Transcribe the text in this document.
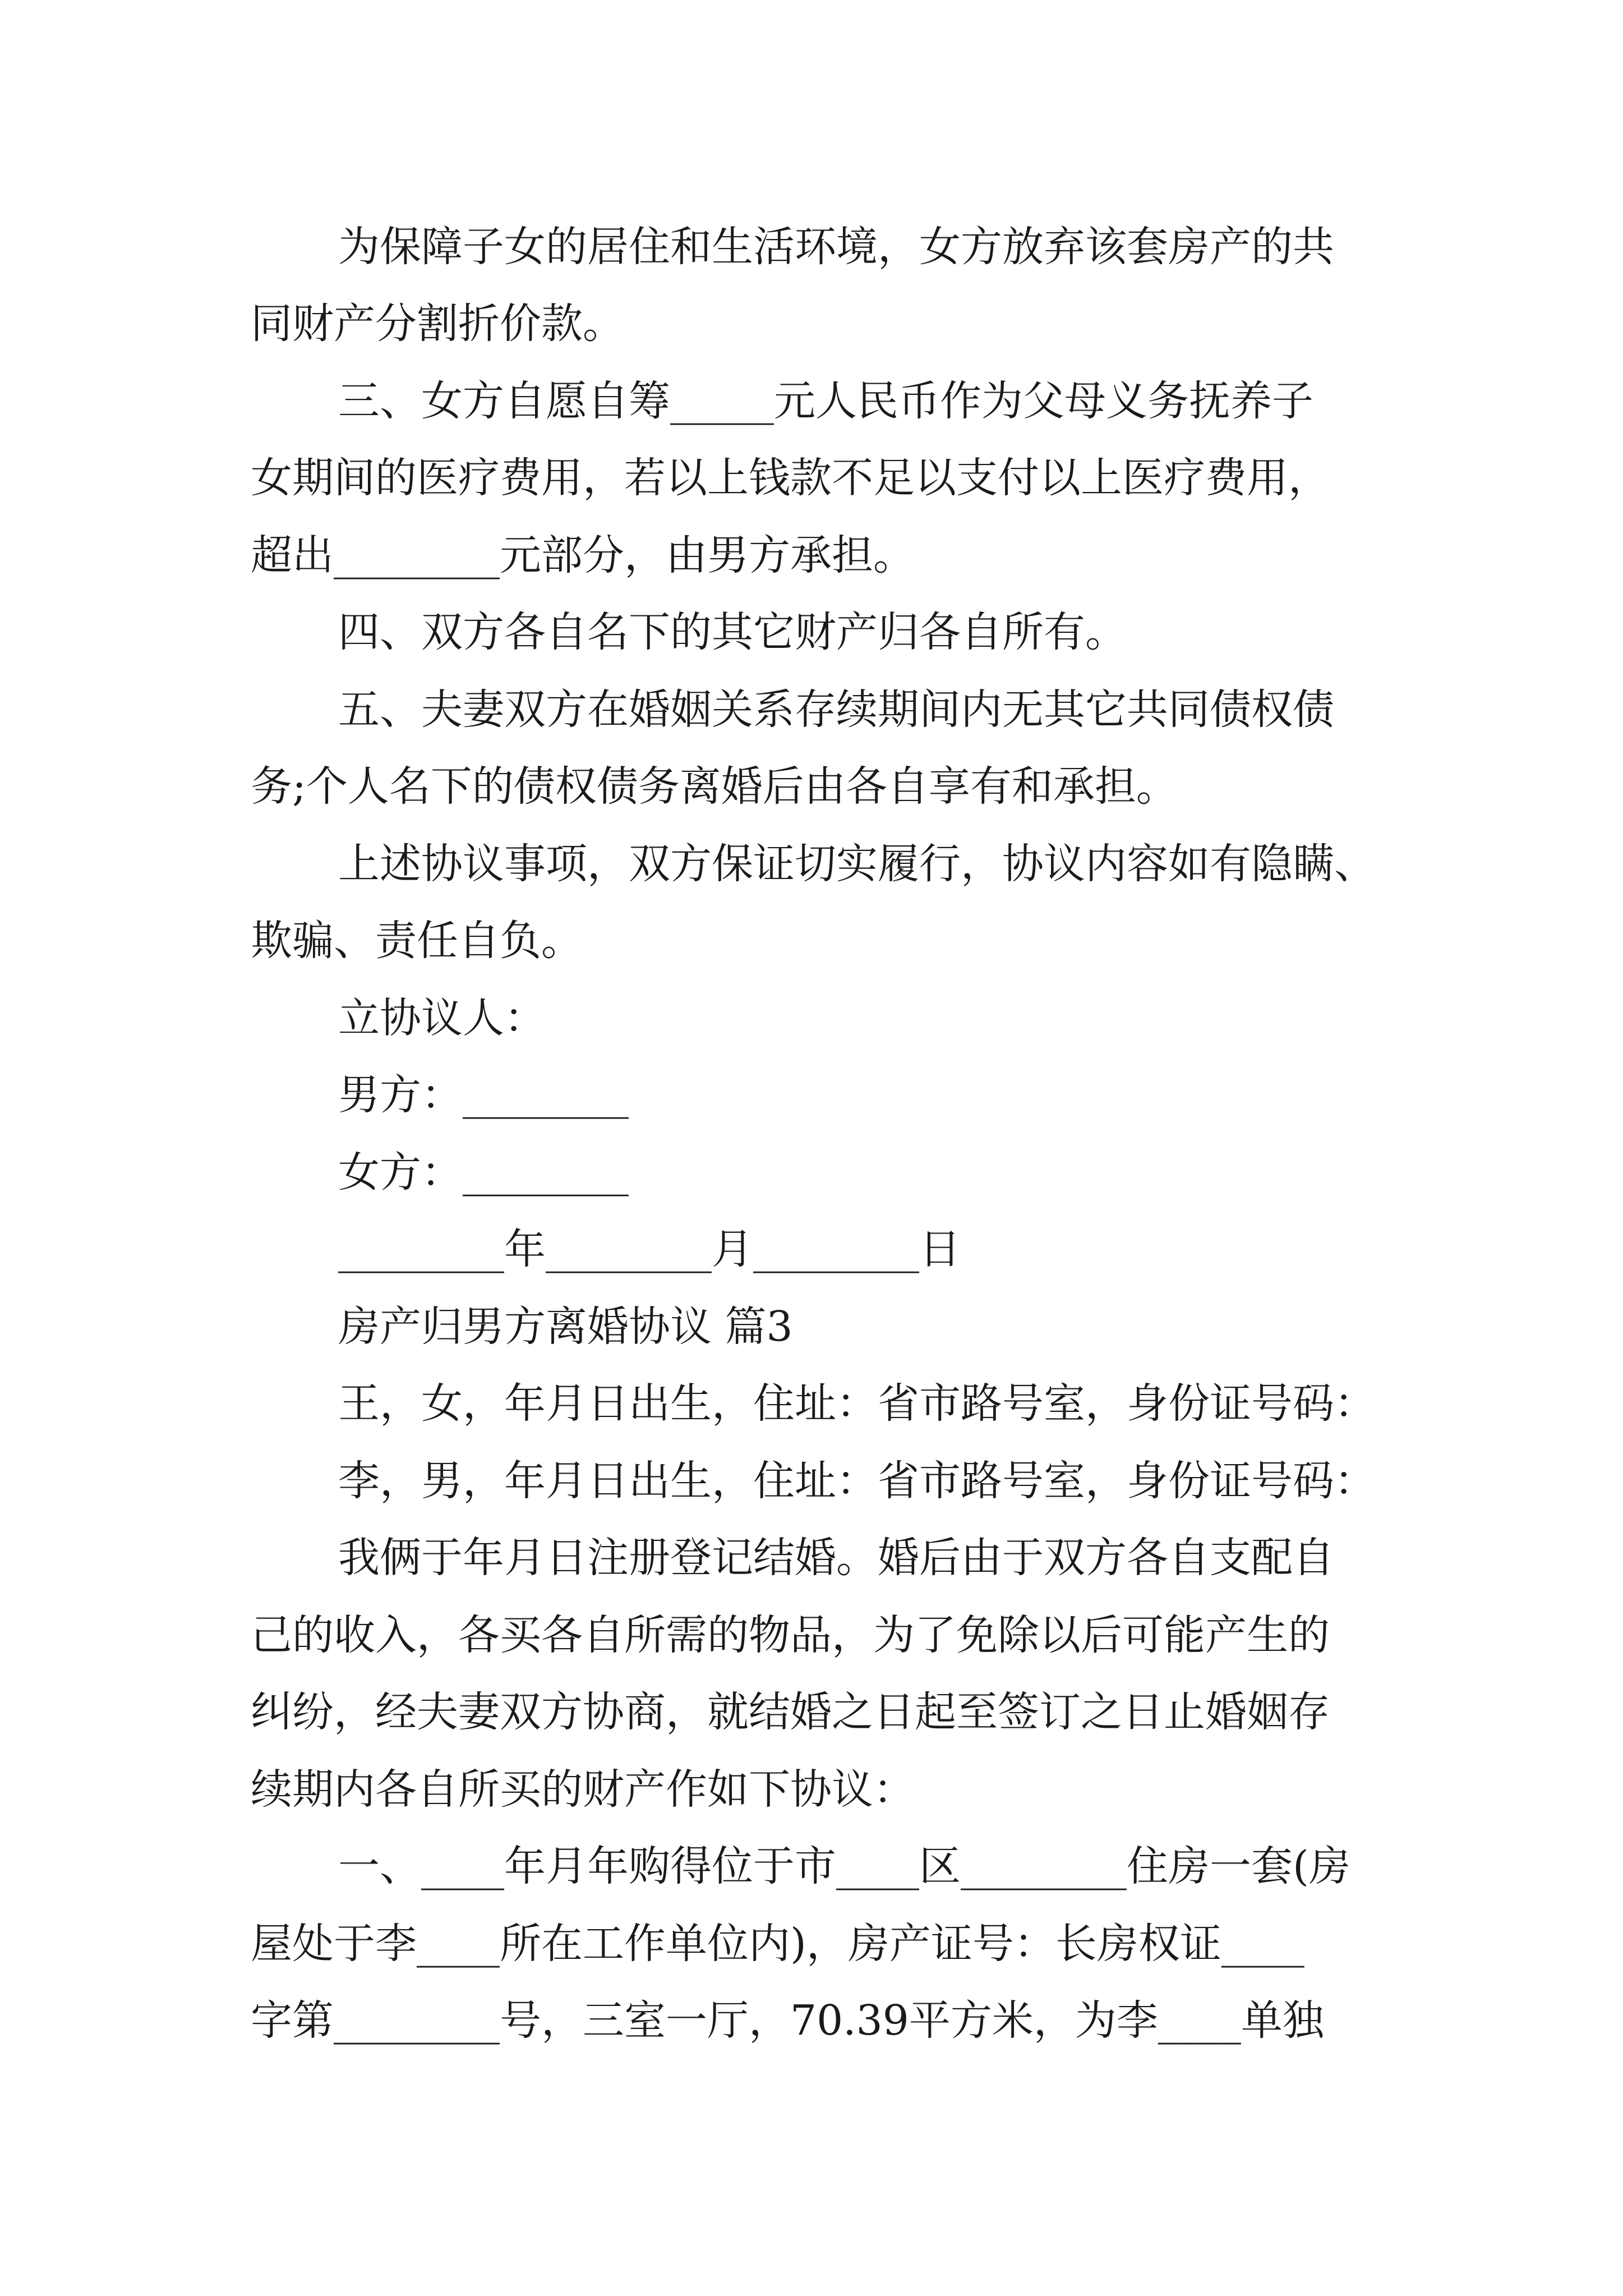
为保障子女的居住和生活环境，女方放弃该套房产的共
同财产分割折价款。
三、女方自愿自筹_____元人民币作为父母义务抚养子
女期间的医疗费用，若以上钱款不足以支付以上医疗费用，
超出________元部分，由男方承担。
四、双方各自名下的其它财产归各自所有。
五、夫妻双方在婚姻关系存续期间内无其它共同债权债
务;个人名下的债权债务离婚后由各自享有和承担。
上述协议事项，双方保证切实履行，协议内容如有隐瞒、
欺骗、责任自负。
立协议人：
男方：________
女方：________
________年________月________日
房产归男方离婚协议 篇3
王，女，年月日出生，住址：省市路号室，身份证号码：
李，男，年月日出生，住址：省市路号室，身份证号码：
我俩于年月日注册登记结婚。婚后由于双方各自支配自
己的收入，各买各自所需的物品，为了免除以后可能产生的
纠纷，经夫妻双方协商，就结婚之日起至签订之日止婚姻存
续期内各自所买的财产作如下协议：
一、____年月年购得位于市____区________住房一套(房
屋处于李____所在工作单位内)，房产证号：长房权证____
字第________号，三室一厅，70.39平方米，为李____单独
